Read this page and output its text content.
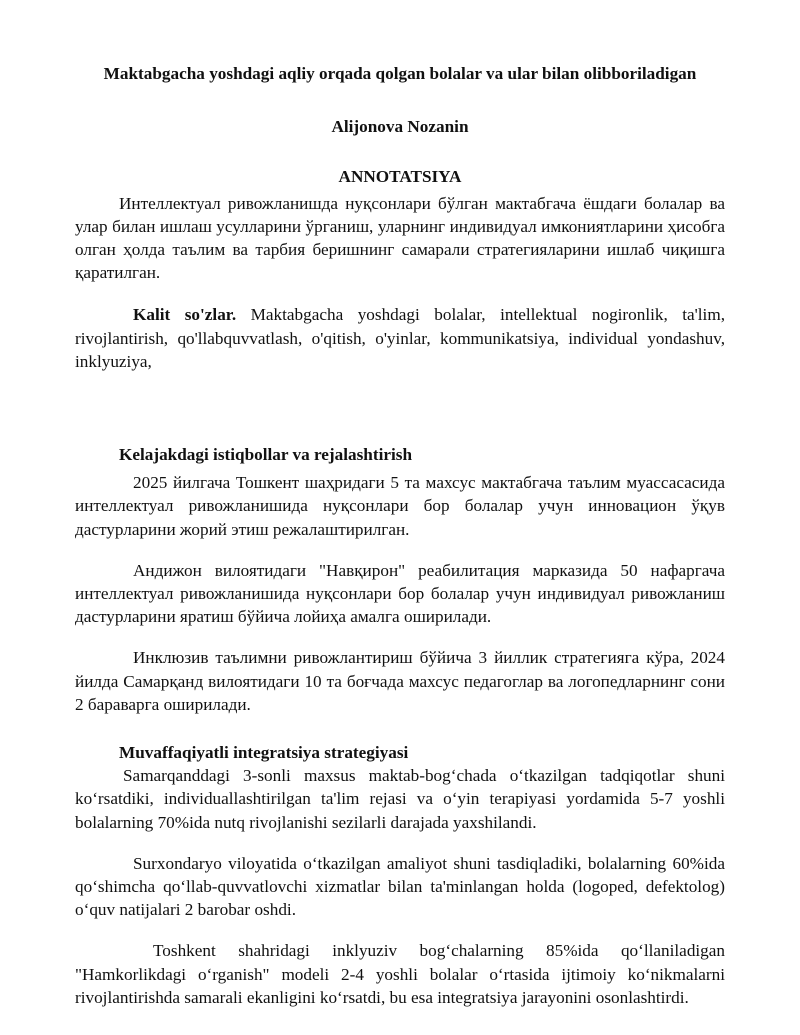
Maktabgacha yoshdagi aqliy orqada qolgan bolalar va ular bilan olibboriladigan

Alijonova Nozanin

ANNOTATSIYA

Интеллектуал ривожланишда нуқсонлари бўлган мактабгача ёшдаги болалар ва улар билан ишлаш усулларини ўрганиш, уларнинг индивидуал имкониятларини ҳисобга олган ҳолда таълим ва тарбия беришнинг самарали стратегияларини ишлаб чиқишга қаратилган.

Kalit so'zlar. Maktabgacha yoshdagi bolalar, intellektual nogironlik, ta'lim, rivojlantirish, qo'llabquvvatlash, o'qitish, o'yinlar, kommunikatsiya, individual yondashuv, inklyuziya,

Kelajakdagi istiqbollar va rejalashtirish

2025 йилгача Тошкент шаҳридаги 5 та махсус мактабгача таълим муассасасида интеллектуал ривожланишида нуқсонлари бор болалар учун инновацион ўқув дастурларини жорий этиш режалаштирилган.

Андижон вилоятидаги "Навқирон" реабилитация марказида 50 нафаргача интеллектуал ривожланишида нуқсонлари бор болалар учун индивидуал ривожланиш дастурларини яратиш бўйича лойиҳа амалга оширилади.

Инклюзив таълимни ривожлантириш бўйича 3 йиллик стратегияга кўра, 2024 йилда Самарқанд вилоятидаги 10 та боғчада махсус педагоглар ва логопедларнинг сони 2 бараварга оширилади.

Muvaffaqiyatli integratsiya strategiyasi

Samarqanddagi 3-sonli maxsus maktab-bog‘chada o‘tkazilgan tadqiqotlar shuni ko‘rsatdiki, individuallashtirilgan ta'lim rejasi va o‘yin terapiyasi yordamida 5-7 yoshli bolalarning 70%ida nutq rivojlanishi sezilarli darajada yaxshilandi.

Surxondaryo viloyatida o‘tkazilgan amaliyot shuni tasdiqladiki, bolalarning 60%ida qo‘shimcha qo‘llab-quvvatlovchi xizmatlar bilan ta'minlangan holda (logoped, defektolog) o‘quv natijalari 2 barobar oshdi.

Toshkent shahridagi inklyuziv bog‘chalarning 85%ida qo‘llaniladigan "Hamkorlikdagi o‘rganish" modeli 2-4 yoshli bolalar o‘rtasida ijtimoiy ko‘nikmalarni rivojlantirishda samarali ekanligini ko‘rsatdi, bu esa integratsiya jarayonini osonlashtirdi.
